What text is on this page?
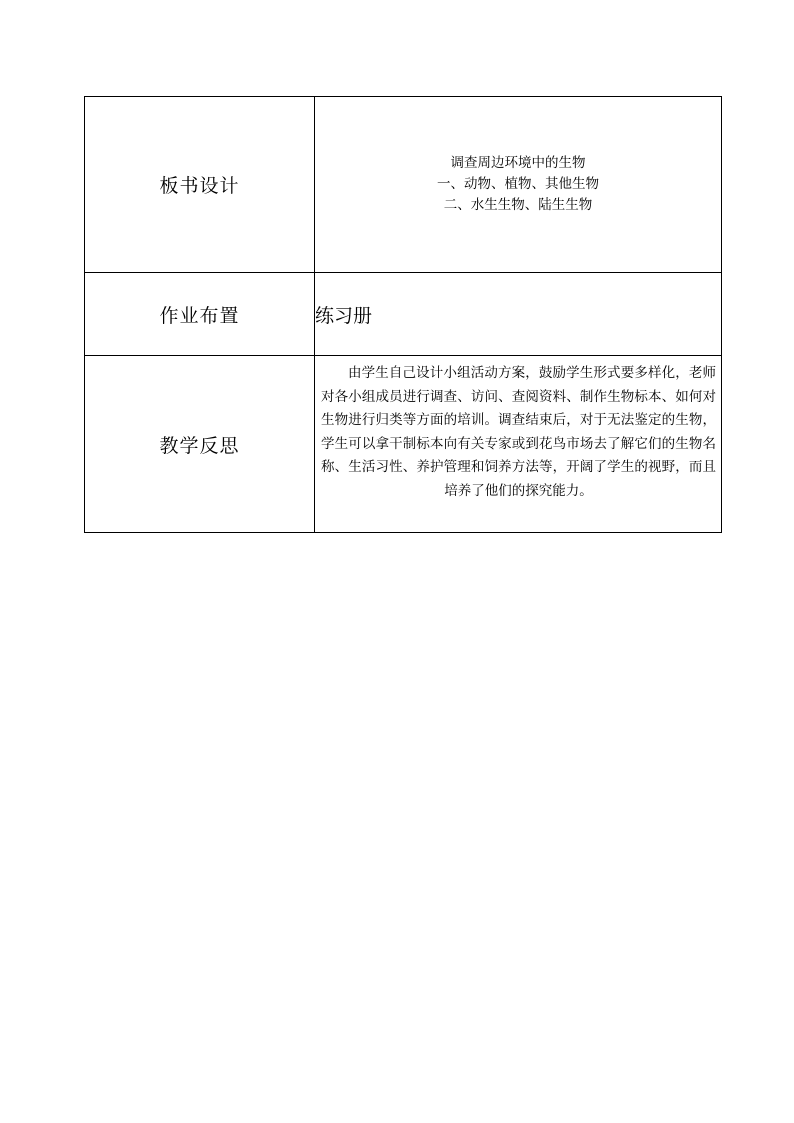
板书设计	调查周边环境中的生物
一、动物、植物、其他生物
二、水生生物、陆生生物

作业布置	练习册
教学反思	由学生自己设计小组活动方案，鼓励学生形式要多样化，老师对各小组成员进行调查、访问、查阅资料、制作生物标本、如何对生物进行归类等方面的培训。调查结束后，对于无法鉴定的生物，学生可以拿干制标本向有关专家或到花鸟市场去了解它们的生物名称、生活习性、养护管理和饲养方法等，开阔了学生的视野，而且培养了他们的探究能力。
